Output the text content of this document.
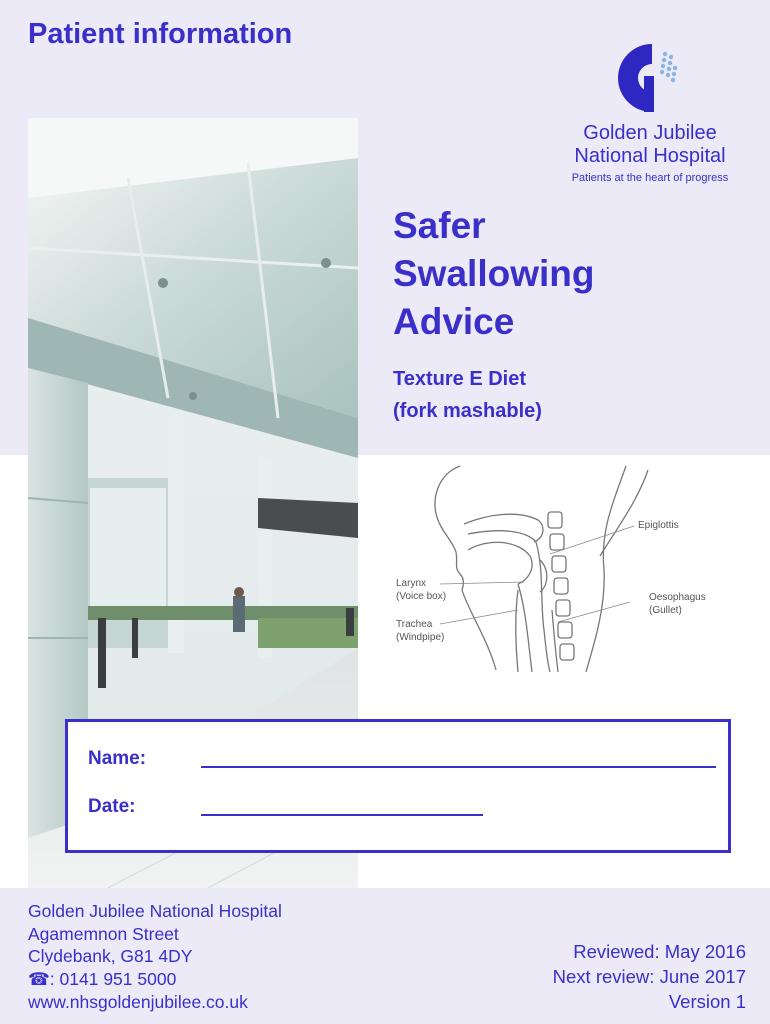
Patient information
Golden Jubilee
National Hospital
Patients at the heart of progress
Safer
Swallowing
Advice
Texture E Diet
(fork mashable)
Epiglottis
Larynx
(Voice box)	Oesophagus
(Gullet)
Trachea
(Windpipe)
Name:
Date:
Golden Jubilee National Hospital
Agamemnon Street
Clydebank, G81 4DY
☎: 0141 951 5000
www.nhsgoldenjubilee.co.uk
Reviewed: May 2016
Next review: June 2017
Version 1
